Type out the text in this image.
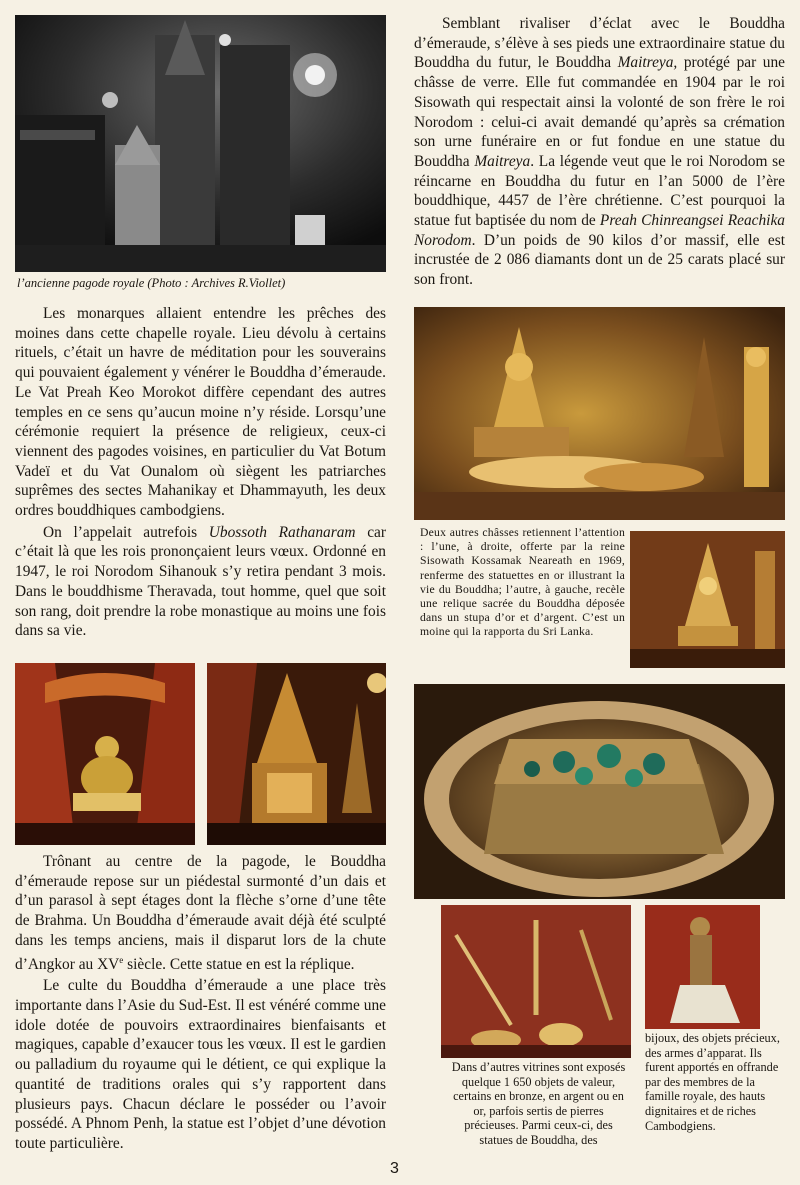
l’ancienne pagode royale (Photo : Archives R.Viollet)

Semblant rivaliser d’éclat avec le Bouddha d’émeraude, s’élève à ses pieds une extraordinaire statue du Bouddha du futur, le Bouddha Maitreya, protégé par une châsse de verre. Elle fut commandée en 1904 par le roi Sisowath qui respectait ainsi la volonté de son frère le roi Norodom : celui-ci avait demandé qu’après sa crémation son urne funéraire en or fut fondue en une statue du Bouddha Maitreya. La légende veut que le roi Norodom se réincarne en Bouddha du futur en l’an 5000 de l’ère bouddhique, 4457 de l’ère chrétienne. C’est pourquoi la statue fut baptisée du nom de Preah Chinreangsei Reachika Norodom. D’un poids de 90 kilos d’or massif, elle est incrustée de 2 086 diamants dont un de 25 carats placé sur son front.

Les monarques allaient entendre les prêches des moines dans cette chapelle royale. Lieu dévolu à certains rituels, c’était un havre de méditation pour les souverains qui pouvaient également y vénérer le Bouddha d’émeraude. Le Vat Preah Keo Morokot diffère cependant des autres temples en ce sens qu’aucun moine n’y réside. Lorsqu’une cérémonie requiert la présence de religieux, ceux-ci viennent des pagodes voisines, en particulier du Vat Botum Vadeï et du Vat Ounalom où siègent les patriarches suprêmes des sectes Mahanikay et Dhammayuth, les deux ordres bouddhiques cambodgiens.

On l’appelait autrefois Ubossoth Rathanaram car c’était là que les rois prononçaient leurs vœux. Ordonné en 1947, le roi Norodom Sihanouk s’y retira pendant 3 mois. Dans le bouddhisme Theravada, tout homme, quel que soit son rang, doit prendre la robe monastique au moins une fois dans sa vie.

Deux autres châsses retiennent l’attention : l’une, à droite, offerte par la reine Sisowath Kossamak Neareath en 1969, renferme des statuettes en or illustrant la vie du Bouddha; l’autre, à gauche, recèle une relique sacrée du Bouddha déposée dans un stupa d’or et d’argent. C’est un moine qui la rapporta du Sri Lanka.

Trônant au centre de la pagode, le Bouddha d’émeraude repose sur un piédestal surmonté d’un dais et d’un parasol à sept étages dont la flèche s’orne d’une tête de Brahma. Un Bouddha d’émeraude avait déjà été sculpté dans les temps anciens, mais il disparut lors de la chute d’Angkor au XVe siècle. Cette statue en est la réplique.

Le culte du Bouddha d’émeraude a une place très importante dans l’Asie du Sud-Est. Il est vénéré comme une idole dotée de pouvoirs extraordinaires bienfaisants et magiques, capable d’exaucer tous les vœux. Il est le gardien ou palladium du royaume qui le détient, ce qui explique la quantité de traditions orales qui s’y rapportent dans plusieurs pays. Chacun déclare le posséder ou l’avoir possédé. A Phnom Penh, la statue est l’objet d’une dévotion toute particulière.

Dans d’autres vitrines sont exposés quelque 1 650 objets de valeur, certains en bronze, en argent ou en or, parfois sertis de pierres précieuses. Parmi ceux-ci, des statues de Bouddha, des
bijoux, des objets précieux, des armes d’apparat. Ils furent apportés en offrande par des membres de la famille royale, des hauts dignitaires et de riches Cambodgiens.
3
